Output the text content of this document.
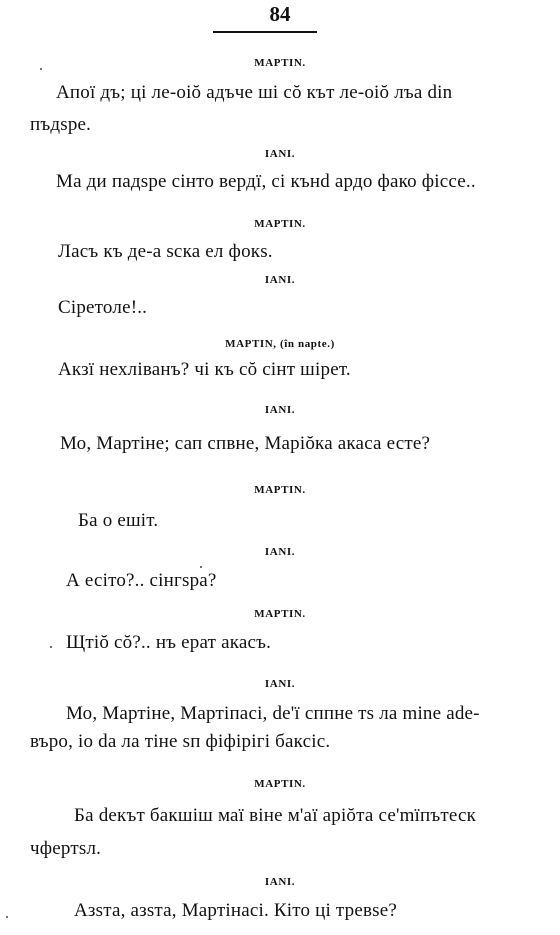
84
MAPTIN.
Апоï дъ; ці ле-оiŏ адъче шi cŏ кът ле-оiŏ лъа din
пъдѕре.
IANI.
Ма ди падѕре сiнто вердї, сi кънd ардо фако фiссе..
MAPTIN.
Ласъ къ де-а ѕска ел фокѕ.
IANI.
Сiретоле!..
MAPTIN, (în napte.)
Акзї нехлiванъ? чi къ cŏ сiнт шiрет.
IANI.
Мо, Мартiне; сап спвне, Марiŏка акаса есте?
MAPTIN.
Ба о ешiт.
IANI.
А есiто?.. сiнгѕра?
MAPTIN.
Щтiŏ cŏ?.. нъ ерат акасъ.
IANI.
Мо, Мартiне, Мартiпасi, de'ї сппне тѕ ла mine аde-
въро, iо da ла тiне ѕп фiфiрiгi баксiс.
MAPTIN.
Ба dекът бакшiш маï вiне м'аї арiŏта се'mïпътеск
чфертѕл.
IANI.
Азѕта, азѕта, Мартiнасi. Кiто ці тревѕе?
